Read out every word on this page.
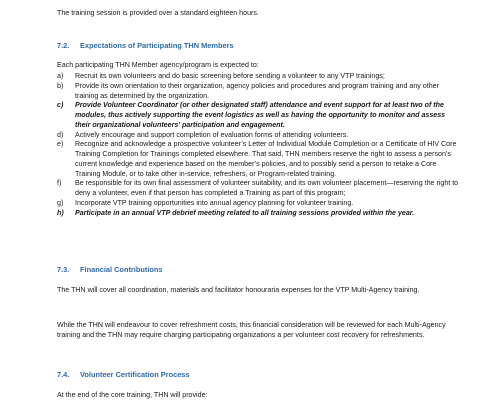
The training session is provided over a standard eighteen hours.
7.2. Expectations of Participating THN Members
Each participating THN Member agency/program is expected to:
a) Recruit its own volunteers and do basic screening before sending a volunteer to any VTP trainings;
b) Provide its own orientation to their organization, agency policies and procedures and program training and any other training as determined by the organization.
c) Provide Volunteer Coordinator (or other designated staff) attendance and event support for at least two of the modules, thus actively supporting the event logistics as well as having the opportunity to monitor and assess their organizational volunteers’ participation and engagement.
d) Actively encourage and support completion of evaluation forms of attending volunteers.
e) Recognize and acknowledge a prospective volunteer’s Letter of Individual Module Completion or a Certificate of HIV Core Training Completion for Trainings completed elsewhere. That said, THN members reserve the right to assess a person’s current knowledge and experience based on the member’s policies, and to possibly send a person to retake a Core Training Module, or to take other in-service, refreshers, or Program-related training.
f) Be responsible for its own final assessment of volunteer suitability, and its own volunteer placement—reserving the right to deny a volunteer, even if that person has completed a Training as part of this program;
g) Incorporate VTP training opportunities into annual agency planning for volunteer training.
h) Participate in an annual VTP debrief meeting related to all training sessions provided within the year.
7.3. Financial Contributions
The THN will cover all coordination, materials and facilitator honouraria expenses for the VTP Multi-Agency training.
While the THN will endeavour to cover refreshment costs, this financial consideration will be reviewed for each Multi-Agency training and the THN may require charging participating organizations a per volunteer cost recovery for refreshments.
7.4. Volunteer Certification Process
At the end of the core training, THN will provide:
